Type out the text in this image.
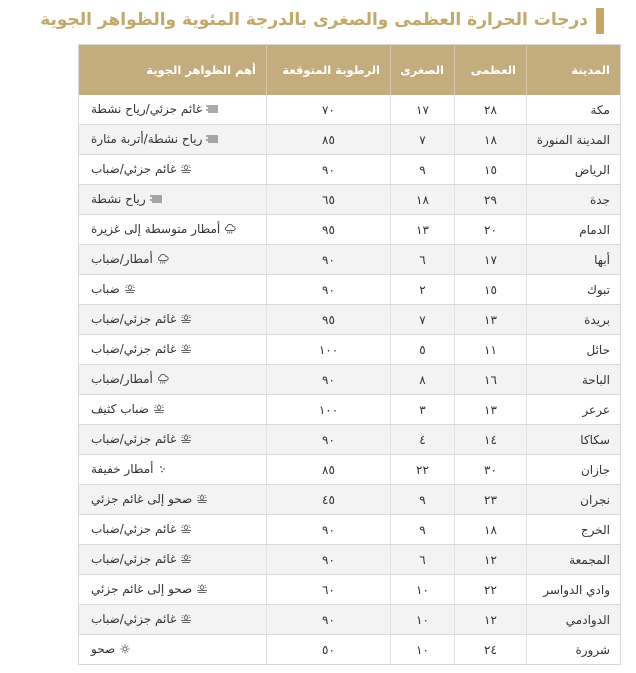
درجات الحرارة العظمى والصغرى بالدرجة المئوية والظواهر الجوية
المدينة	العظمى	الصغرى	الرطوبة المتوقعة	أهم الظواهر الجوية
مكة	٢٨	١٧	٧٠	غائم جزئي/رياح نشطة

المدينة المنورة	١٨	٧	٨٥	رياح نشطة/أتربة مثارة

الرياض	١٥	٩	٩٠	غائم جزئي/ضباب

جدة	٢٩	١٨	٦٥	رياح نشطة

الدمام	٢٠	١٣	٩٥	أمطار متوسطة إلى غزيرة

أبها	١٧	٦	٩٠	أمطار/ضباب

تبوك	١٥	٢	٩٠	ضباب

بريدة	١٣	٧	٩٥	غائم جزئي/ضباب

حائل	١١	٥	١٠٠	غائم جزئي/ضباب

الباحة	١٦	٨	٩٠	أمطار/ضباب

عرعر	١٣	٣	١٠٠	ضباب كثيف

سكاكا	١٤	٤	٩٠	غائم جزئي/ضباب

جازان	٣٠	٢٢	٨٥	أمطار خفيفة

نجران	٢٣	٩	٤٥	صحو إلى غائم جزئي

الخرج	١٨	٩	٩٠	غائم جزئي/ضباب

المجمعة	١٢	٦	٩٠	غائم جزئي/ضباب

وادي الدواسر	٢٢	١٠	٦٠	صحو إلى غائم جزئي

الدوادمي	١٢	١٠	٩٠	غائم جزئي/ضباب

شرورة	٢٤	١٠	٥٠	صحو
